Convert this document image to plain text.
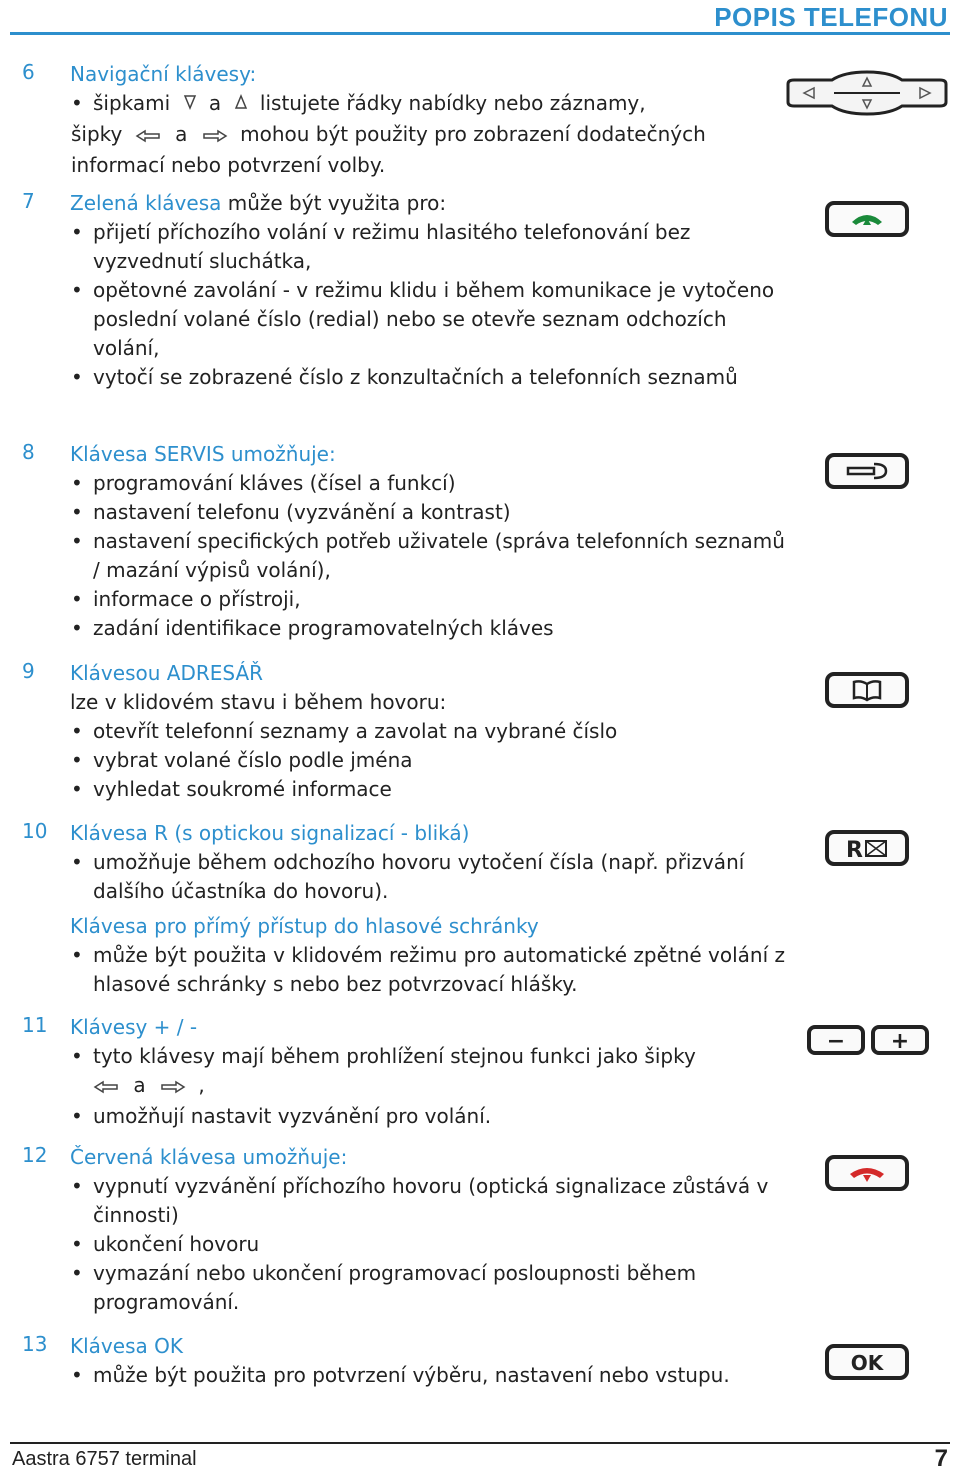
POPIS TELEFONU
6 Navigační klávesy:
• šipkami a listujete řádky nabídky nebo záznamy,
šipky	a	mohou být použity pro zobrazení dodatečných
informací nebo potvrzení volby.
7 Zelená klávesa může být využita pro:
• přijetí příchozího volání v režimu hlasitého telefonování bez vyzvednutí sluchátka,
• opětovné zavolání - v režimu klidu i během komunikace je vytočeno poslední volané číslo (redial) nebo se otevře seznam odchozích volání,
• vytočí se zobrazené číslo z konzultačních a telefonních seznamů
8 Klávesa SERVIS umožňuje:
• programování kláves (čísel a funkcí)
• nastavení telefonu (vyzvánění a kontrast)
• nastavení specifických potřeb uživatele (správa telefonních seznamů / mazání výpisů volání),
• informace o přístroji,
• zadání identifikace programovatelných kláves
9 Klávesou ADRESÁŘ
lze v klidovém stavu i během hovoru:
• otevřít telefonní seznamy a zavolat na vybrané číslo
• vybrat volané číslo podle jména
• vyhledat soukromé informace
10 Klávesa R (s optickou signalizací - bliká)
• umožňuje během odchozího hovoru vytočení čísla (např. přizvání dalšího účastníka do hovoru).
Klávesa pro přímý přístup do hlasové schránky
• může být použita v klidovém režimu pro automatické zpětné volání z hlasové schránky s nebo bez potvrzovací hlášky.
11 Klávesy + / -
• tyto klávesy mají během prohlížení stejnou funkci jako šipky
a	,
• umožňují nastavit vyzvánění pro volání.
12 Červená klávesa umožňuje:
• vypnutí vyzvánění příchozího hovoru (optická signalizace zůstává v činnosti)
• ukončení hovoru
• vymazání nebo ukončení programovací posloupnosti během programování.
13 Klávesa OK
• může být použita pro potvrzení výběru, nastavení nebo vstupu.
R
− +
OK
Aastra 6757 terminal	7
